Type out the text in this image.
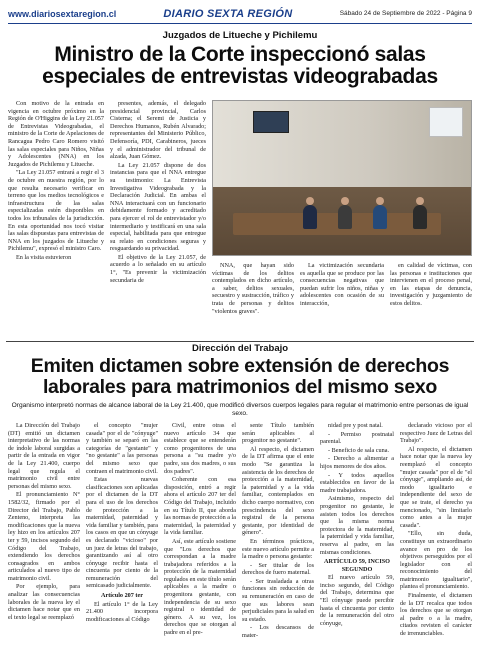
www.diariosextaregion.cl	DIARIO SEXTA REGIÓN	Sábado 24 de Septiembre de 2022 - Página 9
Juzgados de Litueche y Pichilemu
Ministro de la Corte inspeccionó salas especiales de entrevistas videograbadas

Con motivo de la entrada en vigencia en octubre próximo en la Región de O'Higgins de la Ley 21.057 de Entrevistas Videograbadas, el ministro de la Corte de Apelaciones de Rancagua Pedro Caro Romero visitó las salas especiales para Niños, Niñas y Adolescentes (NNA) en los Juzgados de Pichilemu y Litueche.

"La Ley 21.057 entrará a regir el 3 de octubre en nuestra región, por lo que resulta necesario verificar en terreno que los medios tecnológicos e infraestructura de las salas especializadas estén disponibles en todos los tribunales de la jurisdicción. En esta oportunidad nos tocó visitar las salas dispuestas para entrevistas de NNA en los juzgados de Litueche y Pichilemu", expresó el ministro Caro.

En la visita estuvieron

presentes, además, el delegado presidencial provincial, Carlos Cisterna; el Seremi de Justicia y Derechos Humanos, Rubén Alvarado; representantes del Ministerio Público, Defensoría, PDI, Carabineros, jueces y el administrador del tribunal de alzada, Juan Gómez.

La Ley 21.057 dispone de dos instancias para que el NNA entregue su testimonio: La Entrevista Investigativa Videograbada y la Declaración Judicial. En ambas el NNA interactuará con un funcionario debidamente formado y acreditado para ejercer el rol de entrevistador y/o intermediario y testificará en una sala especial, habilitada para que entregue su relato en condiciones seguras y resguardando su privacidad.

El objetivo de la Ley 21.057, de acuerdo a lo señalado en su artículo 1°, "Es prevenir la victimización secundaria de

NNA, que hayan sido víctimas de los delitos contemplados en dicho artículo, a saber, delitos sexuales, secuestro y sustracción, tráfico y trata de personas y delitos "violentos graves".

La victimización secundaria es aquella que se produce por las consecuencias negativas que puedan sufrir los niños, niñas y adolescentes con ocasión de su interacción,

en calidad de víctimas, con las personas e instituciones que intervienen en el proceso penal, en las etapas de denuncia, investigación y juzgamiento de estos delitos.

Dirección del Trabajo
Emiten dictamen sobre extensión de derechos laborales para matrimonios del mismo sexo
Organismo interpretó normas de alcance laboral de la Ley 21.400, que modificó diversos cuerpos legales para regular el matrimonio entre personas de igual sexo.

La Dirección del Trabajo (DT) emitió un dictamen interpretativo de las normas de índole laboral surgidas a partir de la entrada en vigor de la Ley 21.400, cuerpo legal que regula el matrimonio civil entre personas del mismo sexo.

El pronunciamiento N° 1582/32, firmado por el Director del Trabajo, Pablo Zenteno, interpreta las modificaciones que la nueva ley hizo en los artículos 207 ter y 59, incisos segundo del Código del Trabajo, extendiendo los derechos consagrados en ambos articulados al nuevo tipo de matrimonio civil.

Por ejemplo, para analizar las consecuencias laborales de la nueva ley el dictamen hace notar que en el texto legal se reemplazó

el concepto "mujer casada" por el de "cónyuge" y también se separó en las categorías de "gestante" y "no gestante" a las personas del mismo sexo que contraen el matrimonio civil.

Estas nuevas clasificaciones son aplicadas por el dictamen de la DT para el uso de los derechos de protección a la maternidad, paternidad y vida familiar y también, para los casos en que un cónyuge es declarado "vicioso" por un juez de letras del trabajo, garantizando así al otro cónyuge recibir hasta el cincuenta por ciento de la remuneración del semicasado judicialmente.

Artículo 207 ter

El artículo 1° de la Ley 21.400 incorpora modificaciones al Código

Civil, entre otras el nuevo artículo 34 que establece que se entenderán como progenitores de una persona a "su madre y/o padre, sus dos madres, o sus dos padres".

Coherente con esa disposición, entró a regir ahora el artículo 207 ter del Código del Trabajo, incluido en su Título II, que aborda las normas de protección a la maternidad, la paternidad y la vida familiar.

Así, este artículo sostiene que "Los derechos que correspondan a la madre trabajadora referidos a la protección de la maternidad regulados en este título serán aplicables a la madre o progenitora gestante, con independencia de su sexo registral o identidad de género. A su vez, los derechos que se otorgan al padre en el pre-

sente Título también serán aplicables al progenitor no gestante".

Al respecto, el dictamen de la DT afirma que el ente modo "Se garantiza la asistencia de los derechos de protección a la maternidad, la paternidad y a la vida familiar, contemplados en dicho cuerpo normativo, con prescindencia del sexo registral de la persona gestante, por identidad de género".

En términos prácticos, este nuevo artículo permite a la madre o persona gestante:

- Ser titular de los derechos de fuero maternal.

- Ser trasladada a otras funciones sin reducción de su remuneración en caso de que sus labores sean perjudiciales para la salud en su estado.

- Los descansos de mater-

nidad pre y post natal.

- Permiso postnatal parental.

- Beneficio de sala cuna.

- Derecho a alimentar a hijos menores de dos años.

- Y todos aquellos establecidos en favor de la madre trabajadora.

Asimismo, respecto del progenitor no gestante, le asisten todos los derechos que la misma norma protectora de la maternidad, la paternidad y vida familiar, reserva al padre, en las mismas condiciones.

ARTÍCULO 59, INCISO SEGUNDO

El nuevo artículo 59, inciso segundo, del Código del Trabajo, determina que "El cónyuge puede percibir hasta el cincuenta por ciento de la remuneración del otro cónyuge,

declarado vicioso por el respectivo Juez de Letras del Trabajo".

Al respecto, el dictamen hace notar que la nueva ley reemplazó el concepto "mujer casada" por el de "el cónyuge", ampliando así, de modo igualitario e independiente del sexo de que se trate, el derecho ya mencionado, "sin limitarlo como antes a la mujer casada".

"Ello, sin duda, constituye un extraordinario avance en pro de los objetivos perseguidos por el legislador con el reconocimiento del matrimonio igualitario", plantea el pronunciamiento.

Finalmente, el dictamen de la DT recalca que todos los derechos que se otorgan al padre o a la madre, citados revisten el carácter de irrenunciables.
